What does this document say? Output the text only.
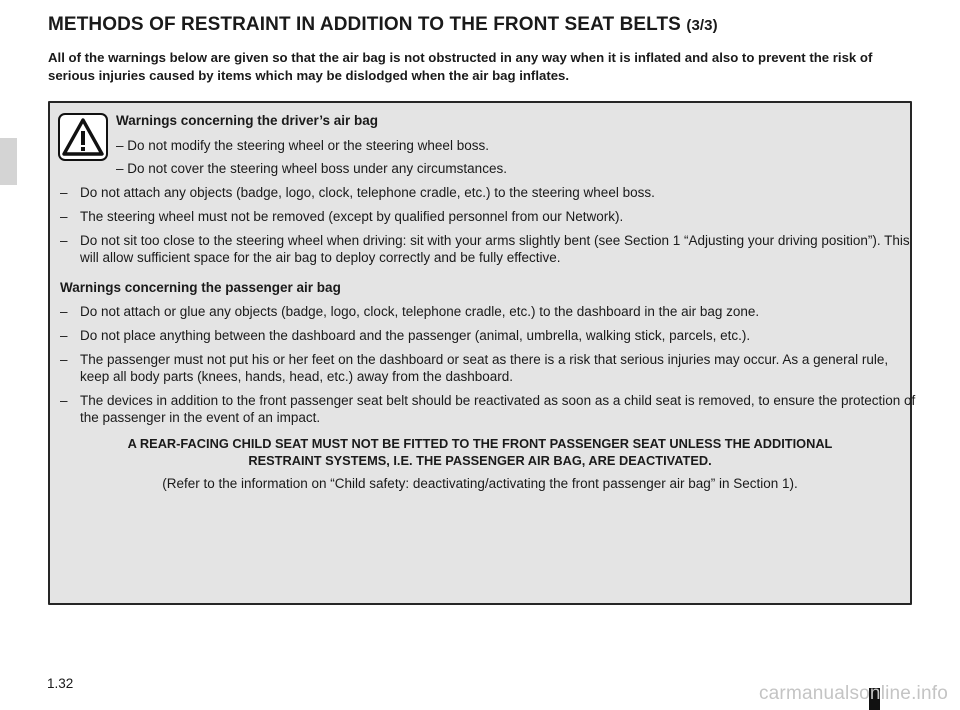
METHODS OF RESTRAINT IN ADDITION TO THE FRONT SEAT BELTS (3/3)

All of the warnings below are given so that the air bag is not obstructed in any way when it is inflated and also to prevent the risk of serious injuries caused by items which may be dislodged when the air bag inflates.

Warnings concerning the driver’s air bag
– Do not modify the steering wheel or the steering wheel boss.
– Do not cover the steering wheel boss under any circumstances.
– Do not attach any objects (badge, logo, clock, telephone cradle, etc.) to the steering wheel boss.
– The steering wheel must not be removed (except by qualified personnel from our Network).
– Do not sit too close to the steering wheel when driving: sit with your arms slightly bent (see Section 1 “Adjusting your driving position”). This will allow sufficient space for the air bag to deploy correctly and be fully effective.
Warnings concerning the passenger air bag
– Do not attach or glue any objects (badge, logo, clock, telephone cradle, etc.) to the dashboard in the air bag zone.
– Do not place anything between the dashboard and the passenger (animal, umbrella, walking stick, parcels, etc.).
– The passenger must not put his or her feet on the dashboard or seat as there is a risk that serious injuries may occur. As a general rule, keep all body parts (knees, hands, head, etc.) away from the dashboard.
– The devices in addition to the front passenger seat belt should be reactivated as soon as a child seat is removed, to ensure the protection of the passenger in the event of an impact.
A REAR-FACING CHILD SEAT MUST NOT BE FITTED TO THE FRONT PASSENGER SEAT UNLESS THE ADDITIONAL RESTRAINT SYSTEMS, I.E. THE PASSENGER AIR BAG, ARE DEACTIVATED.
(Refer to the information on “Child safety: deactivating/activating the front passenger air bag” in Section 1).
1.32	carmanualsonline.info
